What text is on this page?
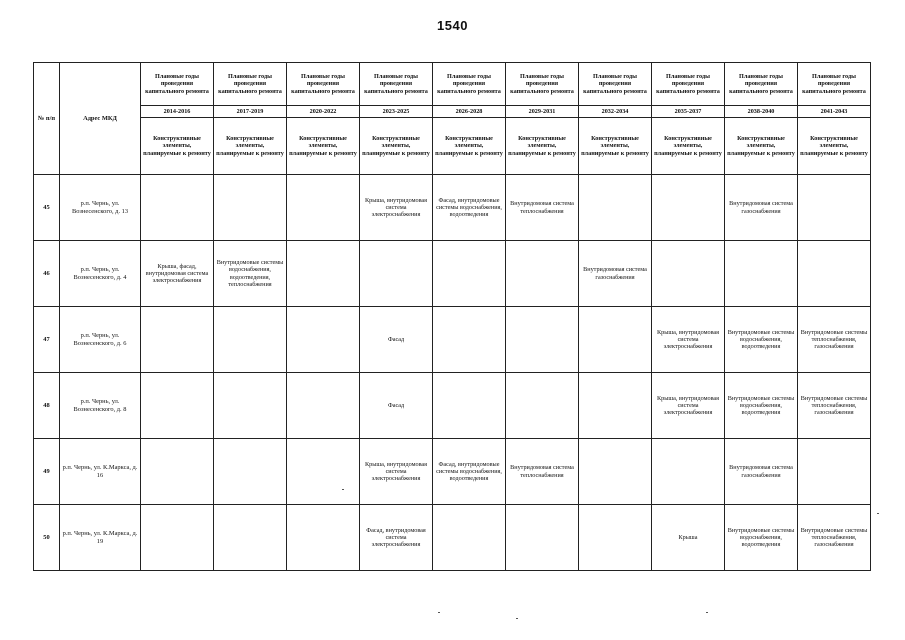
1540
№ п/п	Адрес МКД	Плановые годы проведения капитального ремонта	Плановые годы проведения капитального ремонта	Плановые годы проведения капитального ремонта	Плановые годы проведения капитального ремонта	Плановые годы проведения капитального ремонта	Плановые годы проведения капитального ремонта	Плановые годы проведения капитального ремонта	Плановые годы проведения капитального ремонта	Плановые годы проведения капитального ремонта	Плановые годы проведения капитального ремонта
		2014-2016	2017-2019	2020-2022	2023-2025	2026-2028	2029-2031	2032-2034	2035-2037	2038-2040	2041-2043
		Конструктивные элементы, планируемые к ремонту	Конструктивные элементы, планируемые к ремонту	Конструктивные элементы, планируемые к ремонту	Конструктивные элементы, планируемые к ремонту	Конструктивные элементы, планируемые к ремонту	Конструктивные элементы, планируемые к ремонту	Конструктивные элементы, планируемые к ремонту	Конструктивные элементы, планируемые к ремонту	Конструктивные элементы, планируемые к ремонту	Конструктивные элементы, планируемые к ремонту
45	р.п. Чернь, ул. Вознесенского, д. 13				Крыша, внутридомовая система электроснабжения	Фасад, внутридомовые системы водоснабжения, водоотведения	Внутридомовая система теплоснабжения			Внутридомовая система газоснабжения	
46	р.п. Чернь, ул. Вознесенского, д. 4	Крыша, фасад, внутридомовая система электроснабжения	Внутридомовые системы водоснабжения, водоотведения, теплоснабжения					Внутридомовая система газоснабжения			
47	р.п. Чернь, ул. Вознесенского, д. 6				Фасад				Крыша, внутридомовая система электроснабжения	Внутридомовые системы водоснабжения, водоотведения	Внутридомовые системы теплоснабжения, газоснабжения
48	р.п. Чернь, ул. Вознесенского, д. 8				Фасад				Крыша, внутридомовая система электроснабжения	Внутридомовые системы водоснабжения, водоотведения	Внутридомовые системы теплоснабжения, газоснабжения
49	р.п. Чернь, ул. К.Маркса, д. 16				Крыша, внутридомовая система электроснабжения	Фасад, внутридомовые системы водоснабжения, водоотведения	Внутридомовая система теплоснабжения			Внутридомовая система газоснабжения	
50	р.п. Чернь, ул. К.Маркса, д. 19				Фасад, внутридомовая система электроснабжения				Крыша	Внутридомовые системы водоснабжения, водоотведения	Внутридомовые системы теплоснабжения, газоснабжения
